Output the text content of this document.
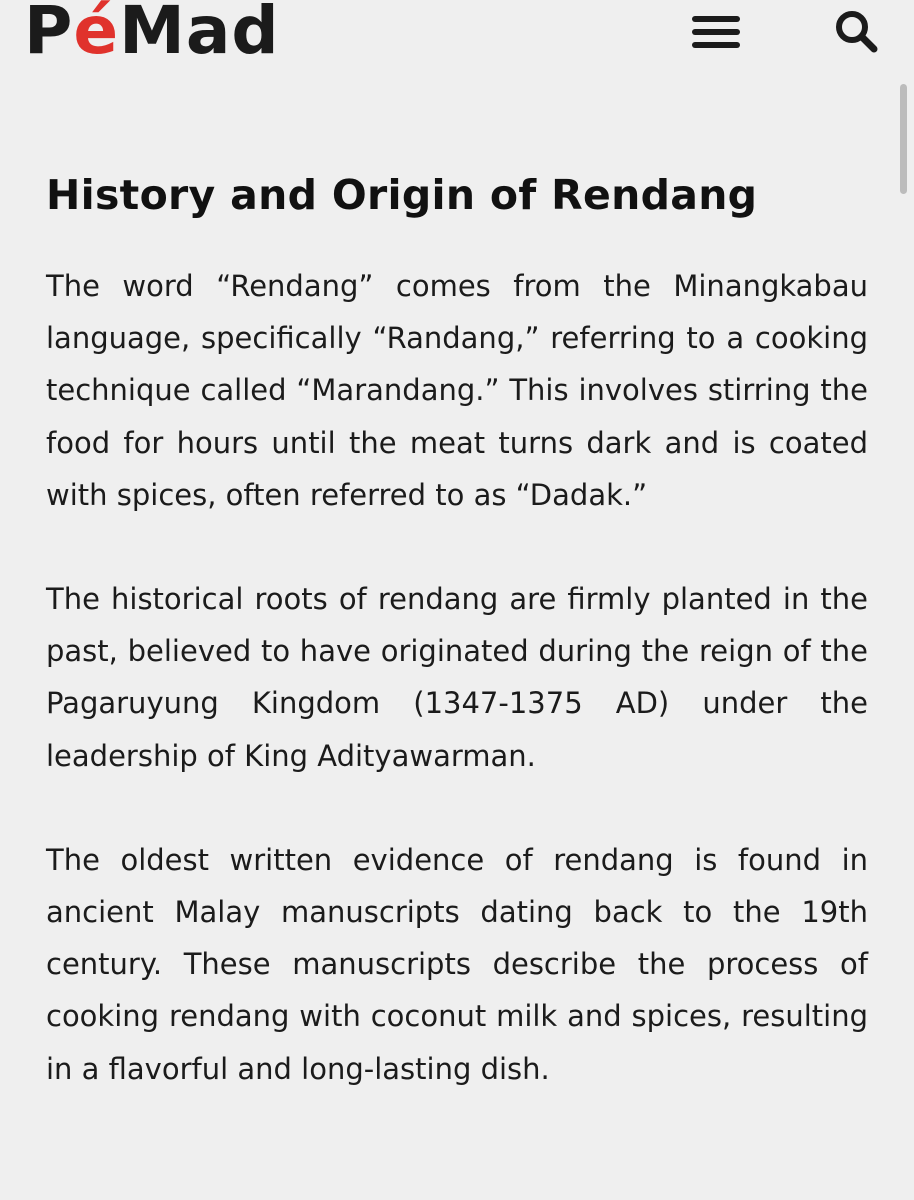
PéMad
History and Origin of Rendang

The word “Rendang” comes from the Minangkabau language, specifically “Randang,” referring to a cooking technique called “Marandang.” This involves stirring the food for hours until the meat turns dark and is coated with spices, often referred to as “Dadak.”

The historical roots of rendang are firmly planted in the past, believed to have originated during the reign of the Pagaruyung Kingdom (1347-1375 AD) under the leadership of King Adityawarman.

The oldest written evidence of rendang is found in ancient Malay manuscripts dating back to the 19th century. These manuscripts describe the process of cooking rendang with coconut milk and spices, resulting in a flavorful and long-lasting dish.
